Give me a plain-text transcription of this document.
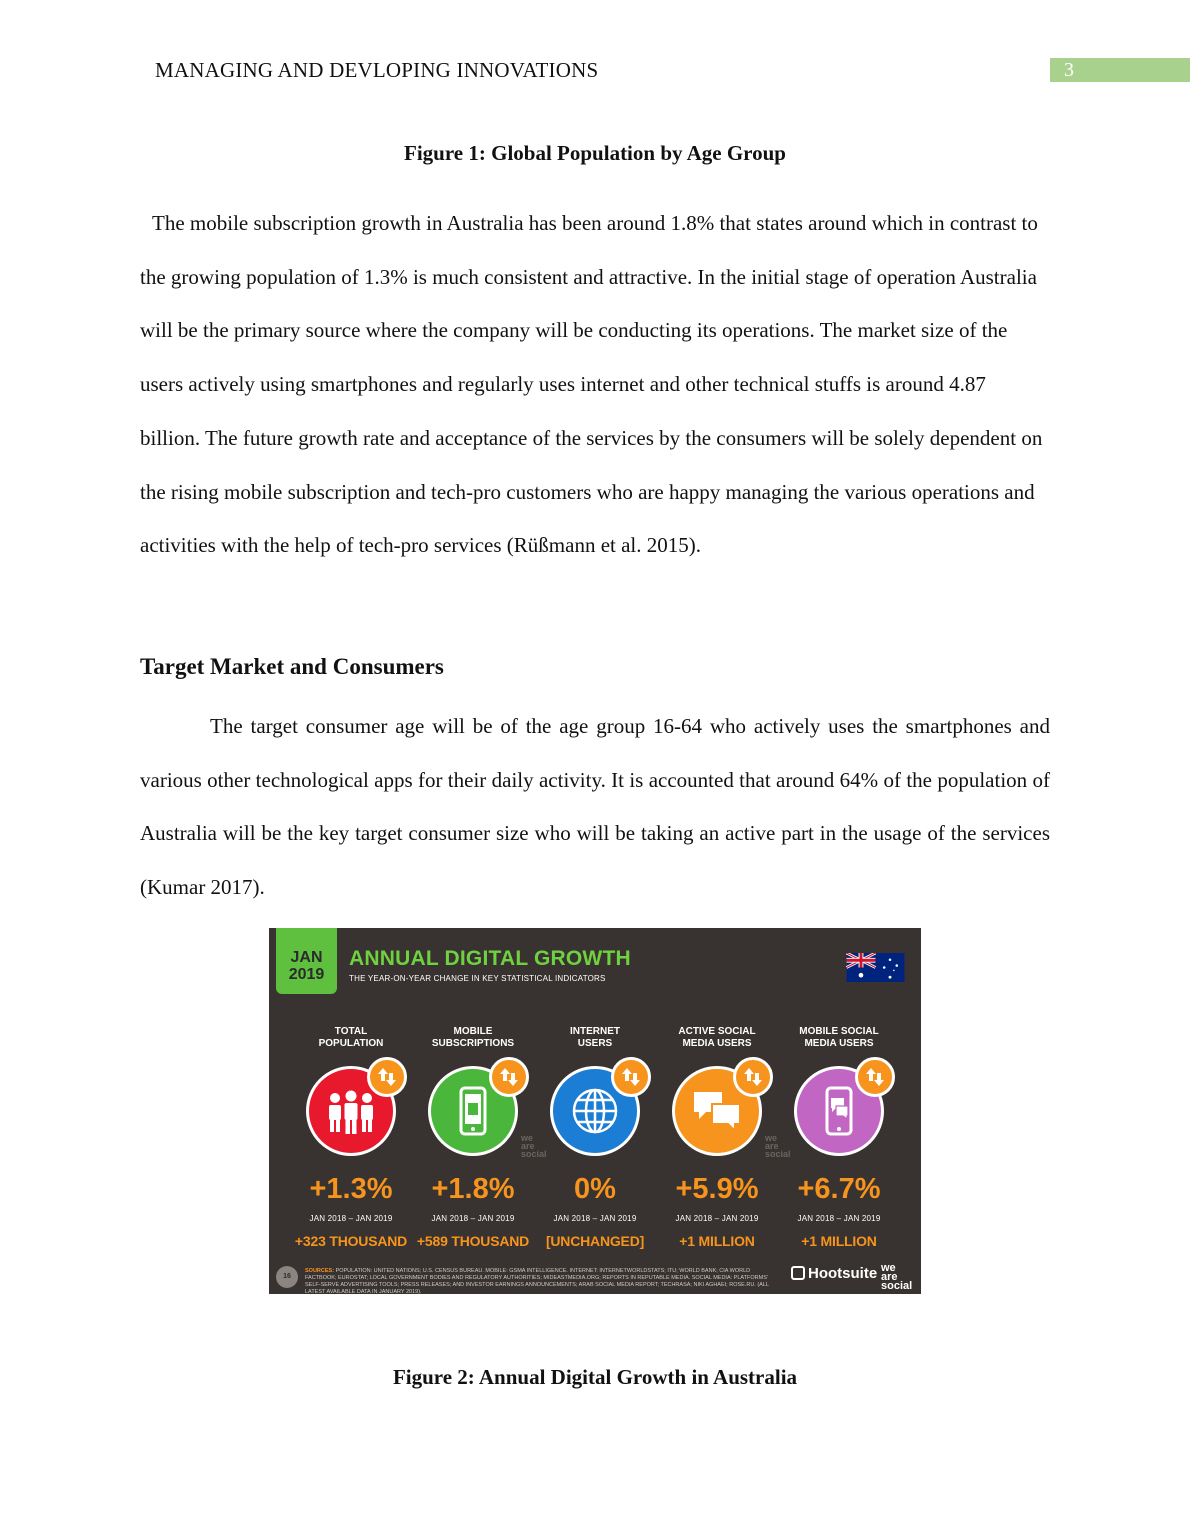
MANAGING AND DEVLOPING INNOVATIONS	3
Figure 1: Global Population by Age Group

The mobile subscription growth in Australia has been around 1.8% that states around which in contrast to the growing population of 1.3% is much consistent and attractive. In the initial stage of operation Australia will be the primary source where the company will be conducting its operations. The market size of the users actively using smartphones and regularly uses internet and other technical stuffs is around 4.87 billion. The future growth rate and acceptance of the services by the consumers will be solely dependent on the rising mobile subscription and tech-pro customers who are happy managing the various operations and activities with the help of tech-pro services (Rüßmann et al. 2015).

Target Market and Consumers

The target consumer age will be of the age group 16-64 who actively uses the smartphones and various other technological apps for their daily activity. It is accounted that around 64% of the population of Australia will be the key target consumer size who will be taking an active part in the usage of the services (Kumar 2017).

JAN
2019
ANNUAL DIGITAL GROWTH
THE YEAR-ON-YEAR CHANGE IN KEY STATISTICAL INDICATORS
TOTAL
POPULATION
+1.3%
JAN 2018 – JAN 2019
+323 THOUSAND
MOBILE
SUBSCRIPTIONS
+1.8%
JAN 2018 – JAN 2019
+589 THOUSAND
INTERNET
USERS
0%
JAN 2018 – JAN 2019
[UNCHANGED]
ACTIVE SOCIAL
MEDIA USERS
+5.9%
JAN 2018 – JAN 2019
+1 MILLION
MOBILE SOCIAL
MEDIA USERS
+6.7%
JAN 2018 – JAN 2019
+1 MILLION
we
are
social
we
are
social
16
SOURCES: POPULATION: UNITED NATIONS; U.S. CENSUS BUREAU. MOBILE: GSMA INTELLIGENCE. INTERNET: INTERNETWORLDSTATS; ITU; WORLD BANK; CIA WORLD FACTBOOK; EUROSTAT; LOCAL GOVERNMENT BODIES AND REGULATORY AUTHORITIES; MIDEASTMEDIA.ORG; REPORTS IN REPUTABLE MEDIA. SOCIAL MEDIA: PLATFORMS' SELF-SERVE ADVERTISING TOOLS; PRESS RELEASES; AND INVESTOR EARNINGS ANNOUNCEMENTS; ARAB SOCIAL MEDIA REPORT; TECHRASA; NIKI AGHAEI; ROSE.RU. (ALL LATEST AVAILABLE DATA IN JANUARY 2019).
Hootsuite we
are
social
Figure 2: Annual Digital Growth in Australia
